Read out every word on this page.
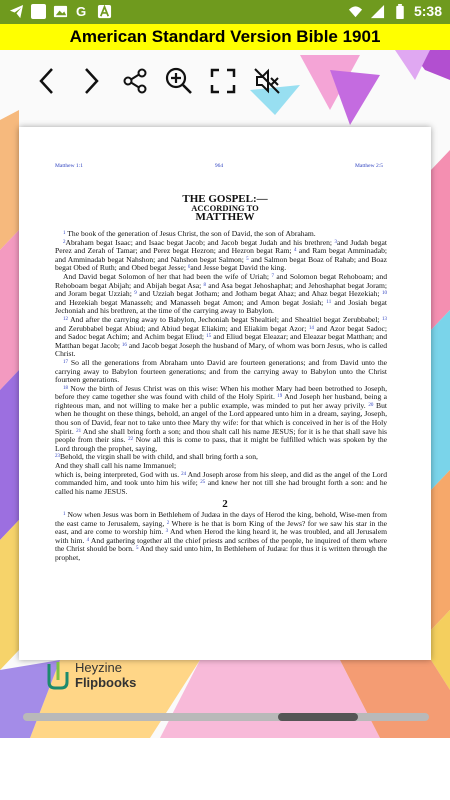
G	5:38
American Standard Version Bible 1901
Matthew 1:1	964	Matthew 2:5
THE GOSPEL:—
ACCORDING TO
MATTHEW

$^1$ The book of the generation of Jesus Christ, the son of David, the son of Abraham.

$^2$Abraham begat Isaac; and Isaac begat Jacob; and Jacob begat Judah and his brethren; $^3$and Judah begat Perez and Zerah of Tamar; and Perez begat Hezron; and Hezron begat Ram; $^4$ and Ram begat Amminadab; and Amminadab begat Nahshon; and Nahshon begat Salmon; $^5$ and Salmon begat Boaz of Rahab; and Boaz begat Obed of Ruth; and Obed begat Jesse; $^6$and Jesse begat David the king.

And David begat Solomon of her that had been the wife of Uriah; $^7$ and Solomon begat Rehoboam; and Rehoboam begat Abijah; and Abijah begat Asa; $^8$ and Asa begat Jehoshaphat; and Jehoshaphat begat Joram; and Joram begat Uzziah; $^9$ and Uzziah begat Jotham; and Jotham begat Ahaz; and Ahaz begat Hezekiah; $^{10}$ and Hezekiah begat Manasseh; and Manasseh begat Amon; and Amon begat Josiah; $^{11}$ and Josiah begat Jechoniah and his brethren, at the time of the carrying away to Babylon.

$^{12}$ And after the carrying away to Babylon, Jechoniah begat Shealtiel; and Shealtiel begat Zerubbabel; $^{13}$ and Zerubbabel begat Abiud; and Abiud begat Eliakim; and Eliakim begat Azor; $^{14}$ and Azor begat Sadoc; and Sadoc begat Achim; and Achim begat Eliud; $^{15}$ and Eliud begat Eleazar; and Eleazar begat Matthan; and Matthan begat Jacob; $^{16}$ and Jacob begat Joseph the husband of Mary, of whom was born Jesus, who is called Christ.

$^{17}$ So all the generations from Abraham unto David are fourteen generations; and from David unto the carrying away to Babylon fourteen generations; and from the carrying away to Babylon unto the Christ fourteen generations.

$^{18}$ Now the birth of Jesus Christ was on this wise: When his mother Mary had been betrothed to Joseph, before they came together she was found with child of the Holy Spirit. $^{19}$ And Joseph her husband, being a righteous man, and not willing to make her a public example, was minded to put her away privily. $^{20}$ But when he thought on these things, behold, an angel of the Lord appeared unto him in a dream, saying, Joseph, thou son of David, fear not to take unto thee Mary thy wife: for that which is conceived in her is of the Holy Spirit. $^{21}$ And she shall bring forth a son; and thou shalt call his name JESUS; for it is he that shall save his people from their sins. $^{22}$ Now all this is come to pass, that it might be fulfilled which was spoken by the Lord through the prophet, saying,

$^{23}$Behold, the virgin shall be with child, and shall bring forth a son,
And they shall call his name Immanuel;
which is, being interpreted, God with us. $^{24}$ And Joseph arose from his sleep, and did as the angel of the Lord commanded him, and took unto him his wife; $^{25}$ and knew her not till she had brought forth a son: and he called his name JESUS.

2

$^1$ Now when Jesus was born in Bethlehem of Judæa in the days of Herod the king, behold, Wise-men from the east came to Jerusalem, saying, $^2$ Where is he that is born King of the Jews? for we saw his star in the east, and are come to worship him. $^3$ And when Herod the king heard it, he was troubled, and all Jerusalem with him. $^4$ And gathering together all the chief priests and scribes of the people, he inquired of them where the Christ should be born. $^5$ And they said unto him, In Bethlehem of Judæa: for thus it is written through the prophet,

Heyzine
Flipbooks
